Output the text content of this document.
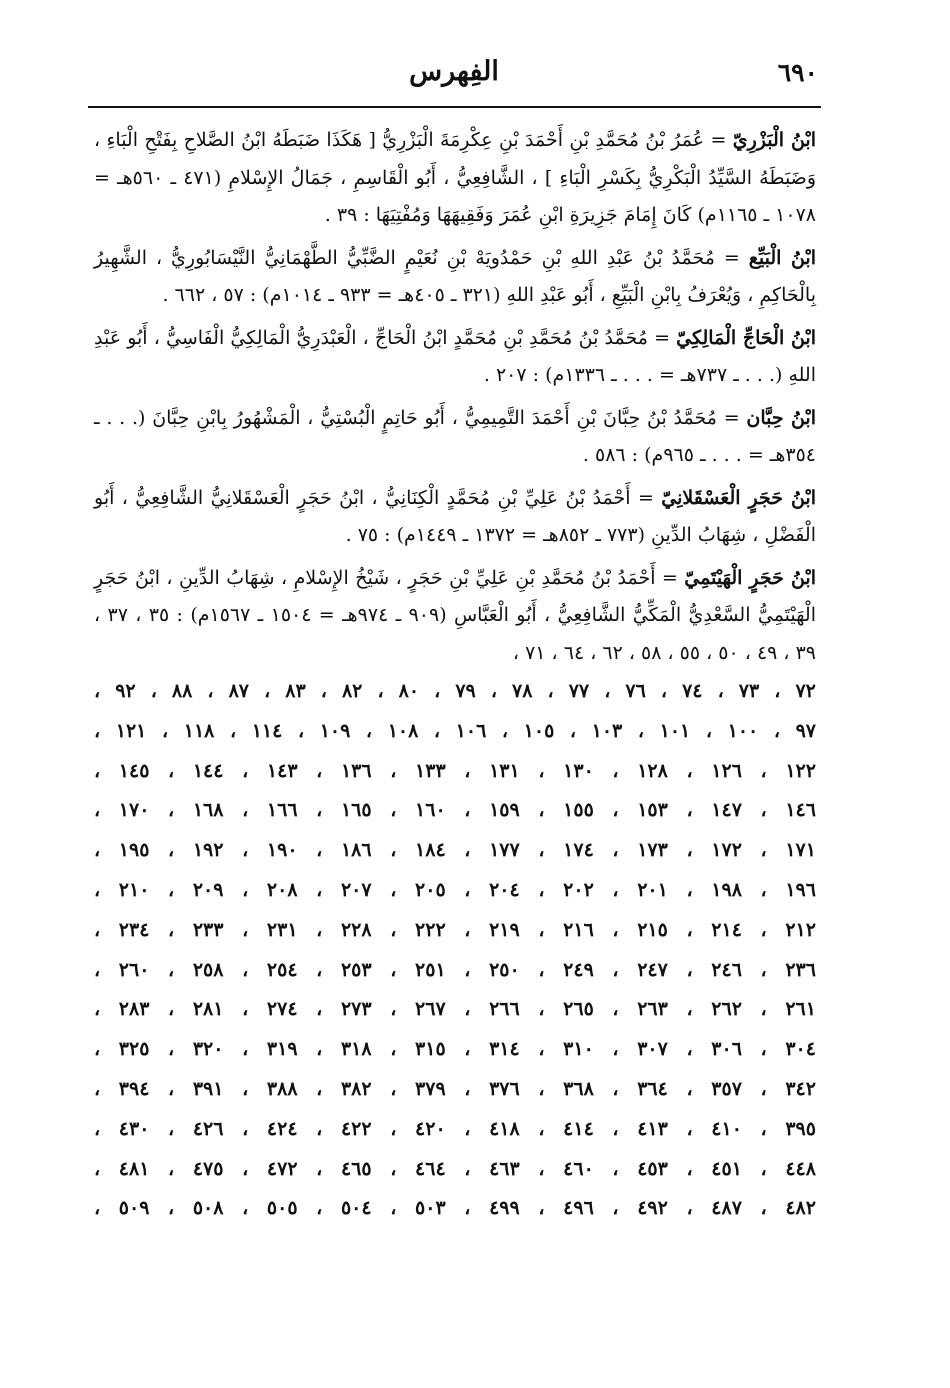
٦٩٠
الفِهرس

ابْنُ الْبَزْرِيّ = عُمَرُ بْنُ مُحَمَّدِ بْنِ أَحْمَدَ بْنِ عِكْرِمَةَ الْبَزْرِيُّ [ هَكَذَا ضَبَطَهُ ابْنُ الصَّلاحِ بِفَتْحِ الْبَاءِ ، وَضَبَطَهُ السَّيِّدُ الْبَكْرِيُّ بِكَسْرِ الْبَاءِ ] ، الشَّافِعِيُّ ، أَبُو الْقَاسِمِ ، جَمَالُ الإِسْلامِ (٤٧١ ـ ٥٦٠هـ = ١٠٧٨ ـ ١١٦٥م) كَانَ إِمَامَ جَزِيرَةِ ابْنِ عُمَرَ وَفَقِيهَهَا وَمُفْتِيَهَا : ٣٩ .

ابْنُ الْبَيِّع = مُحَمَّدُ بْنُ عَبْدِ اللهِ بْنِ حَمْدُويَهْ بْنِ نُعَيْمٍ الضَّبِّيُّ الطَّهْمَانِيُّ النَّيْسَابُورِيُّ ، الشَّهِيرُ بِالْحَاكِمِ ، وَيُعْرَفُ بِابْنِ الْبَيِّعِ ، أَبُو عَبْدِ اللهِ (٣٢١ ـ ٤٠٥هـ = ٩٣٣ ـ ١٠١٤م) : ٥٧ ، ٦٦٢ .

ابْنُ الْحَاجِّ الْمَالِكِيّ = مُحَمَّدُ بْنُ مُحَمَّدِ بْنِ مُحَمَّدٍ ابْنُ الْحَاجِّ ، الْعَبْدَرِيُّ الْمَالِكِيُّ الْفَاسِيُّ ، أَبُو عَبْدِ اللهِ (. . . ـ ٧٣٧هـ = . . . ـ ١٣٣٦م) : ٢٠٧ .

ابْنُ حِبَّان = مُحَمَّدُ بْنُ حِبَّانَ بْنِ أَحْمَدَ التَّمِيمِيُّ ، أَبُو حَاتِمٍ الْبُسْتِيُّ ، الْمَشْهُورُ بِابْنِ حِبَّانَ (. . . ـ ٣٥٤هـ = . . . ـ ٩٦٥م) : ٥٨٦ .

ابْنُ حَجَرٍ الْعَسْقَلانِيّ = أَحْمَدُ بْنُ عَلِيِّ بْنِ مُحَمَّدٍ الْكِنَانِيُّ ، ابْنُ حَجَرٍ الْعَسْقَلانِيُّ الشَّافِعِيُّ ، أَبُو الْفَضْلِ ، شِهَابُ الدِّينِ (٧٧٣ ـ ٨٥٢هـ = ١٣٧٢ ـ ١٤٤٩م) : ٧٥ .

ابْنُ حَجَرٍ الْهَيْتَمِيّ = أَحْمَدُ بْنُ مُحَمَّدِ بْنِ عَلِيِّ بْنِ حَجَرٍ ، شَيْخُ الإِسْلامِ ، شِهَابُ الدِّينِ ، ابْنُ حَجَرٍ الْهَيْتَمِيُّ السَّعْدِيُّ الْمَكِّيُّ الشَّافِعِيُّ ، أَبُو الْعَبَّاسِ (٩٠٩ ـ ٩٧٤هـ = ١٥٠٤ ـ ١٥٦٧م) : ٣٥ ، ٣٧ ، ٣٩ ، ٤٩ ، ٥٠ ، ٥٥ ، ٥٨ ، ٦٢ ، ٦٤ ، ٧١ ،

٧٢ ، ٧٣ ، ٧٤ ، ٧٦ ، ٧٧ ، ٧٨ ، ٧٩ ، ٨٠ ، ٨٢ ، ٨٣ ، ٨٧ ، ٨٨ ، ٩٢ ،
٩٧ ، ١٠٠ ، ١٠١ ، ١٠٣ ، ١٠٥ ، ١٠٦ ، ١٠٨ ، ١٠٩ ، ١١٤ ، ١١٨ ، ١٢١ ،
١٢٢ ، ١٢٦ ، ١٢٨ ، ١٣٠ ، ١٣١ ، ١٣٣ ، ١٣٦ ، ١٤٣ ، ١٤٤ ، ١٤٥ ،
١٤٦ ، ١٤٧ ، ١٥٣ ، ١٥٥ ، ١٥٩ ، ١٦٠ ، ١٦٥ ، ١٦٦ ، ١٦٨ ، ١٧٠ ،
١٧١ ، ١٧٢ ، ١٧٣ ، ١٧٤ ، ١٧٧ ، ١٨٤ ، ١٨٦ ، ١٩٠ ، ١٩٢ ، ١٩٥ ،
١٩٦ ، ١٩٨ ، ٢٠١ ، ٢٠٢ ، ٢٠٤ ، ٢٠٥ ، ٢٠٧ ، ٢٠٨ ، ٢٠٩ ، ٢١٠ ،
٢١٢ ، ٢١٤ ، ٢١٥ ، ٢١٦ ، ٢١٩ ، ٢٢٢ ، ٢٢٨ ، ٢٣١ ، ٢٣٣ ، ٢٣٤ ،
٢٣٦ ، ٢٤٦ ، ٢٤٧ ، ٢٤٩ ، ٢٥٠ ، ٢٥١ ، ٢٥٣ ، ٢٥٤ ، ٢٥٨ ، ٢٦٠ ،
٢٦١ ، ٢٦٢ ، ٢٦٣ ، ٢٦٥ ، ٢٦٦ ، ٢٦٧ ، ٢٧٣ ، ٢٧٤ ، ٢٨١ ، ٢٨٣ ،
٣٠٤ ، ٣٠٦ ، ٣٠٧ ، ٣١٠ ، ٣١٤ ، ٣١٥ ، ٣١٨ ، ٣١٩ ، ٣٢٠ ، ٣٢٥ ،
٣٤٢ ، ٣٥٧ ، ٣٦٤ ، ٣٦٨ ، ٣٧٦ ، ٣٧٩ ، ٣٨٢ ، ٣٨٨ ، ٣٩١ ، ٣٩٤ ،
٣٩٥ ، ٤١٠ ، ٤١٣ ، ٤١٤ ، ٤١٨ ، ٤٢٠ ، ٤٢٢ ، ٤٢٤ ، ٤٢٦ ، ٤٣٠ ،
٤٤٨ ، ٤٥١ ، ٤٥٣ ، ٤٦٠ ، ٤٦٣ ، ٤٦٤ ، ٤٦٥ ، ٤٧٢ ، ٤٧٥ ، ٤٨١ ،
٤٨٢ ، ٤٨٧ ، ٤٩٢ ، ٤٩٦ ، ٤٩٩ ، ٥٠٣ ، ٥٠٤ ، ٥٠٥ ، ٥٠٨ ، ٥٠٩ ،
